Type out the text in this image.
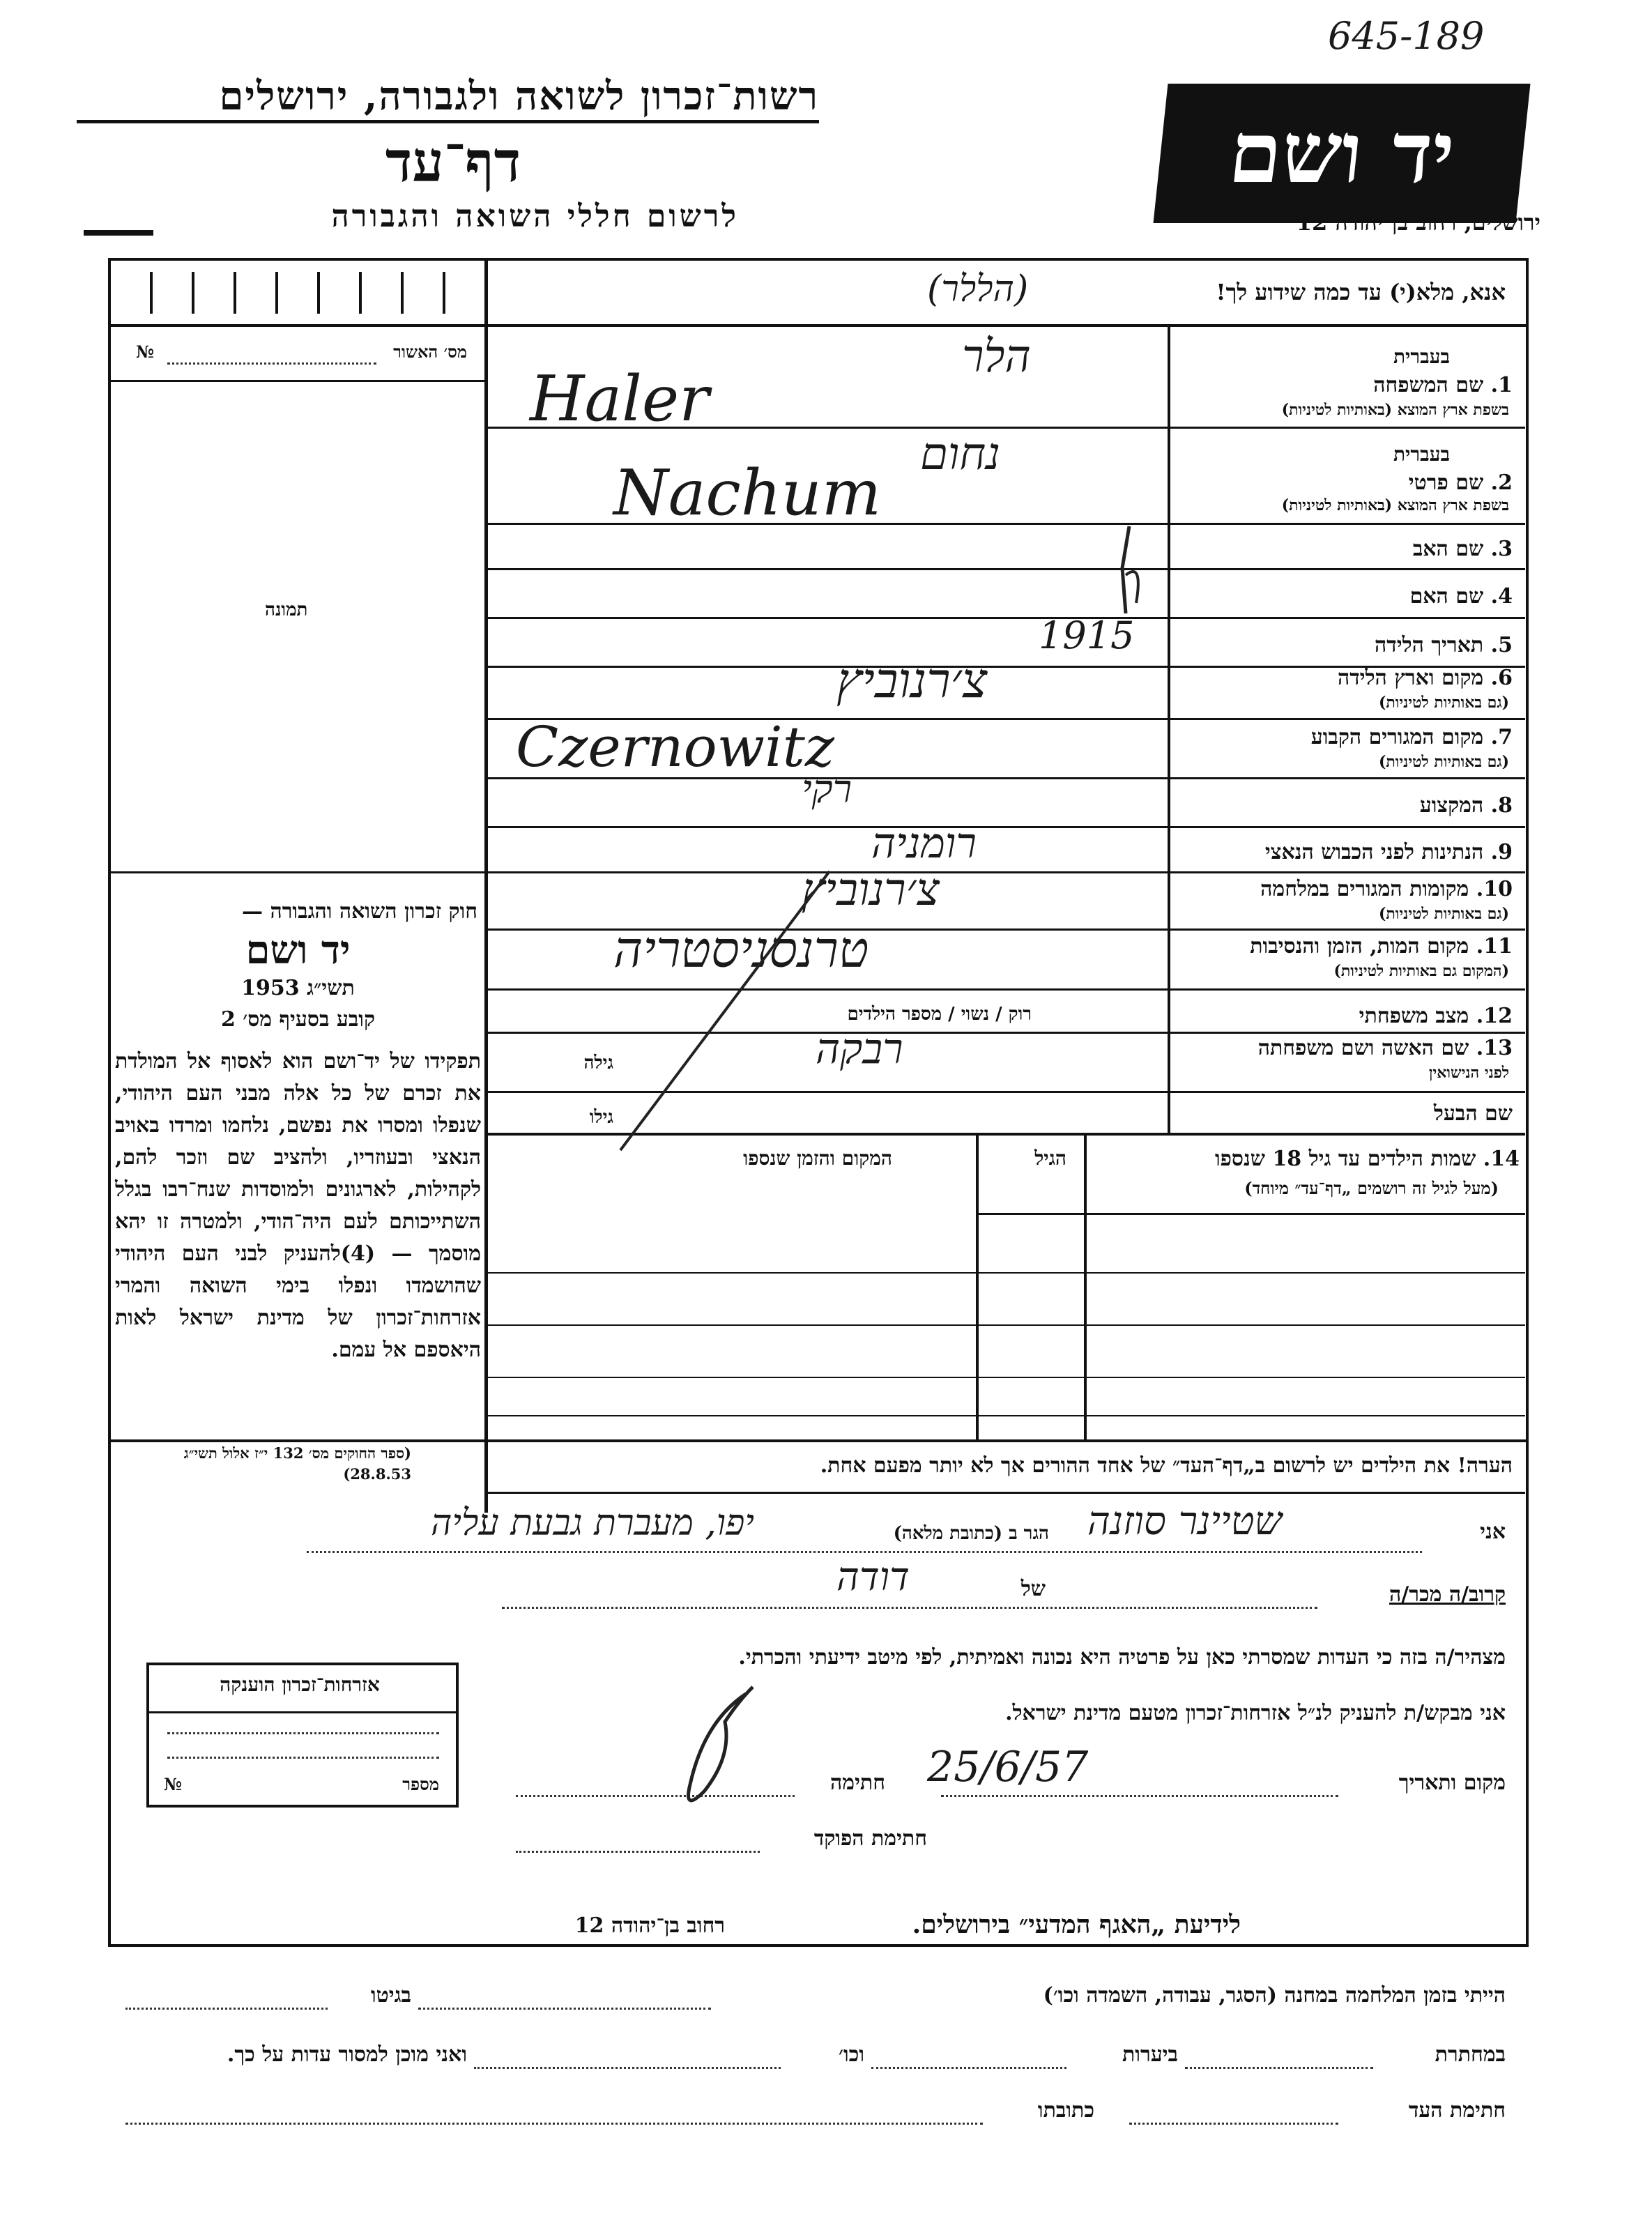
645-189
רשות־זכרון לשואה ולגבורה, ירושלים
דף־עד
לרשום חללי השואה והגבורה
יד ושם
ירושלים, רחוב בן־יהודה 12
אנא, מלא(י) עד כמה שידוע לך!
(הללר)
מס׳ האשור
№
תמונה
בעברית
1. שם המשפחה
בשפת ארץ המוצא (באותיות לטיניות)
הלר
Haler
בעברית
2. שם פרטי
בשפת ארץ המוצא (באותיות לטיניות)
נחום
Nachum
3. שם האב
4. שם האם
5. תאריך הלידה
1915
6. מקום וארץ הלידה
(גם באותיות לטיניות)
צ׳רנוביץ
7. מקום המגורים הקבוע
(גם באותיות לטיניות)
Czernowitz
8. המקצוע
רקי
9. הנתינות לפני הכבוש הנאצי
רומניה
10. מקומות המגורים במלחמה
(גם באותיות לטיניות)
צ׳רנוביץ
11. מקום המות, הזמן והנסיבות
(המקום גם באותיות לטיניות)
טרנסניסטריה
12. מצב משפחתי
רוק / נשוי / מספר הילדים
13. שם האשה ושם משפחתה
לפני הנישואין
רבקה
גילה
שם הבעל
גילו
14. שמות הילדים עד גיל 18 שנספו
(מעל לגיל זה רושמים „דף־עד״ מיוחד)
הגיל
המקום והזמן שנספו
חוק זכרון השואה והגבורה —
יד ושם
תשי״ג 1953
קובע בסעיף מס׳ 2
תפקידו של יד־ושם הוא לאסוף אל המולדת את זכרם של כל אלה מבני העם היהודי, שנפלו ומסרו את נפשם, נלחמו ומרדו באויב הנאצי ובעוזריו, ולהציב שם וזכר להם, לקהילות, לארגונים ולמוסדות שנח־רבו בגלל השתייכותם לעם היה־הודי, ולמטרה זו יהא מוסמך — (4)להעניק לבני העם היהודי שהושמדו ונפלו בימי השואה והמרי אזרחות־זכרון של מדינת ישראל לאות היאספם אל עמם.
(ספר החוקים מס׳ 132 י״ז אלול תשי״ג 28.8.53)	הערה! את הילדים יש לרשום ב„דף־העד״ של אחד ההורים אך לא יותר מפעם אחת.
אני
שטיינר סוזנה
הגר ב (כתובת מלאה)
יפו, מעברת גבעת עליה
קרוב/ה מכר/ה
של
דודה
מצהיר/ה בזה כי העדות שמסרתי כאן על פרטיה היא נכונה ואמיתית, לפי מיטב ידיעתי והכרתי.
אני מבקש/ת להעניק לנ״ל אזרחות־זכרון מטעם מדינת ישראל.
מקום ותאריך
25/6/57
חתימה
חתימת הפוקד
אזרחות־זכרון הוענקה
מספר
№
לידיעת „האגף המדעי״ בירושלים.
רחוב בן־יהודה 12
הייתי בזמן המלחמה במחנה (הסגר, עבודה, השמדה וכו׳)
בגיטו
במחתרת
ביערות
וכו׳
ואני מוכן למסור עדות על כך.
חתימת העד
כתובתו
